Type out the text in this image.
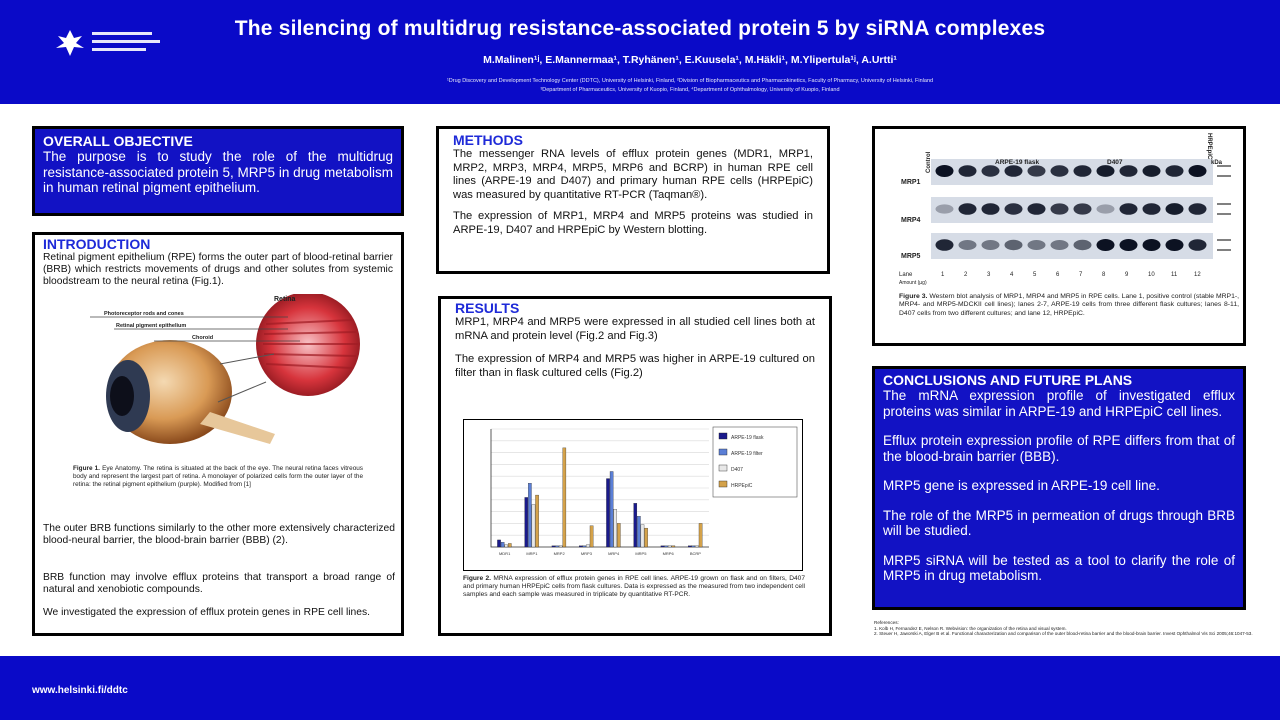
The silencing of multidrug resistance-associated protein 5 by siRNA complexes
M.Malinen¹ʲ, E.Mannermaa¹, T.Ryhänen¹, E.Kuusela¹, M.Häkli¹, M.Ylipertula¹ʲ, A.Urtti¹
¹Drug Discovery and Development Technology Center (DDTC), University of Helsinki, Finland, ²Division of Biopharmaceutics and Pharmacokinetics, Faculty of Pharmacy, University of Helsinki, Finland
³Department of Pharmaceutics, University of Kuopio, Finland, ⁴Department of Ophthalmology, University of Kuopio, Finland
OVERALL OBJECTIVE
The purpose is to study the role of the multidrug resistance-associated protein 5, MRP5 in drug metabolism in human retinal pigment epithelium.
INTRODUCTION
Retinal pigment epithelium (RPE) forms the outer part of blood-retinal barrier (BRB) which restricts movements of drugs and other solutes from systemic bloodstream to the neural retina (Fig.1).
Figure 1. Eye Anatomy. The retina is situated at the back of the eye. The neural retina faces vitreous body and represent the largest part of retina. A monolayer of polarized cells form the outer layer of the retina: the retinal pigment epithelium (purple). Modified from [1]
The outer BRB functions similarly to the other more extensively characterized blood-neural barrier, the blood-brain barrier (BBB) (2).
BRB function may involve efflux proteins that transport a broad range of natural and xenobiotic compounds.
We investigated the expression of efflux protein genes in RPE cell lines.
Retina
Photoreceptor rods and cones
Retinal pigment epithelium
Choroid
METHODS
The messenger RNA levels of efflux protein genes (MDR1, MRP1, MRP2, MRP3, MRP4, MRP5, MRP6 and BCRP) in human RPE cell lines (ARPE-19 and D407) and primary human RPE cells (HRPEpiC) was measured by quantitative RT-PCR (Taqman®).
The expression of MRP1, MRP4 and MRP5 proteins was studied in ARPE-19, D407 and HRPEpiC by Western blotting.
RESULTS
MRP1, MRP4 and MRP5 were expressed in all studied cell lines both at mRNA and protein level (Fig.2 and Fig.3)
The expression of MRP4 and MRP5 was higher in ARPE-19 cultured on filter than in flask cultured cells (Fig.2)
MDR1	MRP1	MRP2	MRP3	MRP4	MRP5	MRP6	BCRP
ARPE-19 flask
ARPE-19 filter
D407
HRPEpiC
Figure 2. MRNA expression of efflux protein genes in RPE cell lines. ARPE-19 grown on flask and on filters, D407 and primary human HRPEpiC cells from flask cultures. Data is expressed as the measured from two independent cell samples and each sample was measured in triplicate by quantitative RT-PCR.
Control	ARPE-19 flask	D407
HRPEpiC
kDa
MRP1
MRP4
MRP5
Lane
Amount (µg)
1	2	3	4	5	6	7	8	9	10	11	12
Figure 3. Western blot analysis of MRP1, MRP4 and MRP5 in RPE cells. Lane 1, positive control (stable MRP1-, MRP4- and MRP5-MDCKII cell lines); lanes 2-7, ARPE-19 cells from three different flask cultures; lanes 8-11, D407 cells from two different cultures; and lane 12, HRPEpiC.
CONCLUSIONS AND FUTURE PLANS
The mRNA expression profile of investigated efflux proteins was similar in ARPE-19 and HRPEpiC cell lines.
Efflux protein expression profile of RPE differs from that of the blood-brain barrier (BBB).
MRP5 gene is expressed in ARPE-19 cell line.
The role of the MRP5 in permeation of drugs through BRB will be studied.
MRP5 siRNA will be tested as a tool to clarify the role of MRP5 in drug metabolism.
References:
1. Kolb H, Fernandez E, Nelson R. Webvision: the organization of the retina and visual system.
2. Steuer H, Jaworski A, Elger B et al. Functional characterization and comparison of the outer blood-retina barrier and the blood-brain barrier. Invest Ophthalmol Vis Sci 2005;46:1047-53.
www.helsinki.fi/ddtc
